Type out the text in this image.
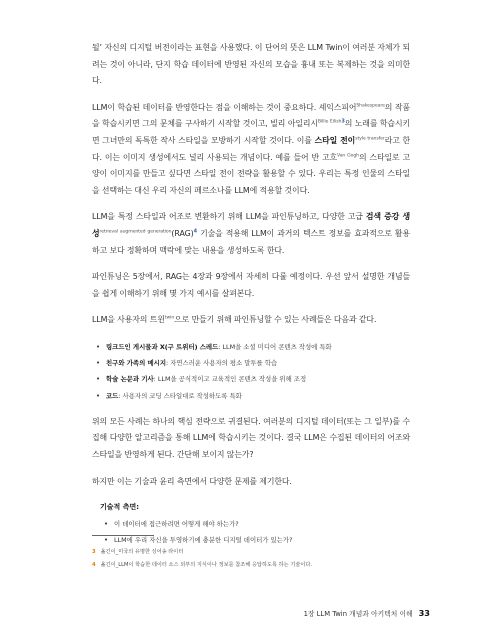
될’ 자신의 디지털 버전이라는 표현을 사용했다. 이 단어의 뜻은 LLM Twin이 여러분 자체가 되려는 것이 아니라, 단지 학습 데이터에 반영된 자신의 모습을 흉내 또는 복제하는 것을 의미한다.

LLM이 학습된 데이터를 반영한다는 점을 이해하는 것이 중요하다. 셰익스피어$^{Shakespeare}$의 작품을 학습시키면 그의 문체를 구사하기 시작할 것이고, 빌리 아일리시$^{Billie Eilish3}$의 노래를 학습시키면 그녀만의 독특한 작사 스타일을 모방하기 시작할 것이다. 이를 스타일 전이$^{style transfer}$라고 한다. 이는 이미지 생성에서도 널리 사용되는 개념이다. 예를 들어 반 고흐$^{Van Gogh}$의 스타일로 고양이 이미지를 만들고 싶다면 스타일 전이 전략을 활용할 수 있다. 우리는 특정 인물의 스타일을 선택하는 대신 우리 자신의 페르소나를 LLM에 적용할 것이다.

LLM을 특정 스타일과 어조로 변환하기 위해 LLM을 파인튜닝하고, 다양한 고급 검색 증강 생성$^{retrieval augmented generation}$(RAG)$^4$ 기술을 적용해 LLM이 과거의 텍스트 정보를 효과적으로 활용하고 보다 정확하며 맥락에 맞는 내용을 생성하도록 한다.

파인튜닝은 5장에서, RAG는 4장과 9장에서 자세히 다룰 예정이다. 우선 앞서 설명한 개념들을 쉽게 이해하기 위해 몇 가지 예시를 살펴본다.

LLM을 사용자의 트윈$^{twin}$으로 만들기 위해 파인튜닝할 수 있는 사례들은 다음과 같다.

• 링크드인 게시물과 X(구 트위터) 스레드: LLM을 소셜 미디어 콘텐츠 작성에 특화
• 친구와 가족의 메시지: 자연스러운 사용자의 평소 말투를 학습
• 학술 논문과 기사: LLM을 공식적이고 교육적인 콘텐츠 작성을 위해 조정
• 코드: 사용자의 코딩 스타일대로 작성하도록 특화

위의 모든 사례는 하나의 핵심 전략으로 귀결된다. 여러분의 디지털 데이터(또는 그 일부)를 수집해 다양한 알고리즘을 통해 LLM에 학습시키는 것이다. 결국 LLM은 수집된 데이터의 어조와 스타일을 반영하게 된다. 간단해 보이지 않는가?

하지만 이는 기술과 윤리 측면에서 다양한 문제를 제기한다.

기술적 측면:
• 이 데이터에 접근하려면 어떻게 해야 하는가?
• LLM에 우리 자신을 투영하기에 충분한 디지털 데이터가 있는가?
3 옮긴이_미국의 유명한 싱어송 라이터
4 옮긴이_LLM이 학습한 데이터 소스 외부의 지식이나 정보를 참조해 응답하도록 하는 기술이다.
1장 LLM Twin 개념과 아키텍처 이해 33
